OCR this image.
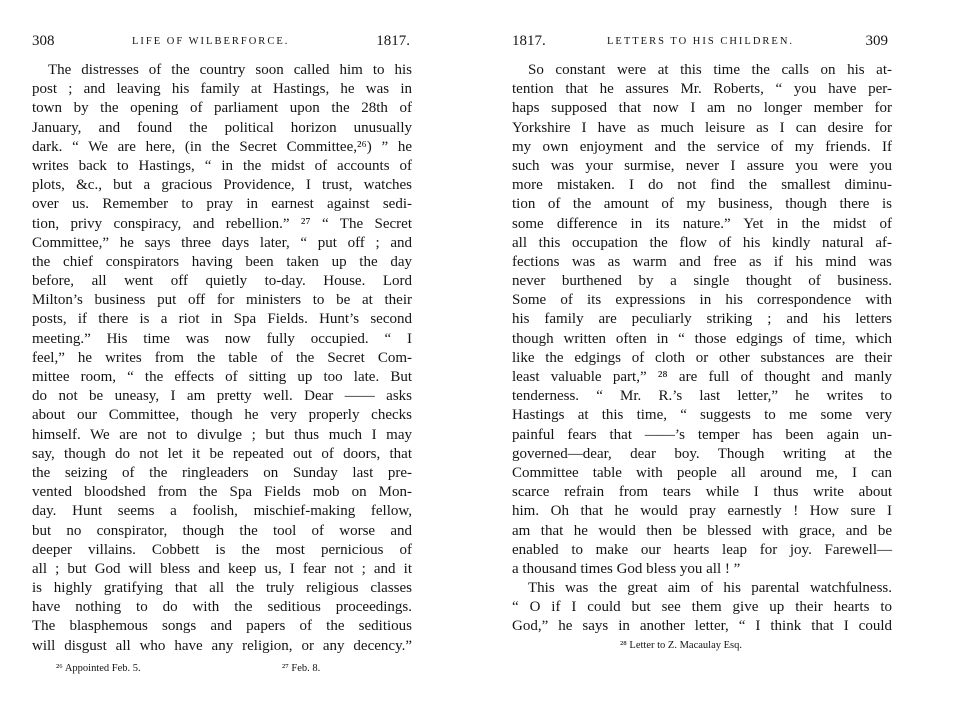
308	LIFE OF WILBERFORCE.	1817.
The distresses of the country soon called him to his
post ; and leaving his family at Hastings, he was in
town by the opening of parliament upon the 28th of
January, and found the political horizon unusually
dark. “ We are here, (in the Secret Committee,²⁶) ” he
writes back to Hastings, “ in the midst of accounts of
plots, &c., but a gracious Providence, I trust, watches
over us. Remember to pray in earnest against sedi-
tion, privy conspiracy, and rebellion.” ²⁷ “ The Secret
Committee,” he says three days later, “ put off ; and
the chief conspirators having been taken up the day
before, all went off quietly to-day. House. Lord
Milton’s business put off for ministers to be at their
posts, if there is a riot in Spa Fields. Hunt’s second
meeting.” His time was now fully occupied. “ I
feel,” he writes from the table of the Secret Com-
mittee room, “ the effects of sitting up too late. But
do not be uneasy, I am pretty well. Dear —— asks
about our Committee, though he very properly checks
himself. We are not to divulge ; but thus much I may
say, though do not let it be repeated out of doors, that
the seizing of the ringleaders on Sunday last pre-
vented bloodshed from the Spa Fields mob on Mon-
day. Hunt seems a foolish, mischief-making fellow,
but no conspirator, though the tool of worse and
deeper villains. Cobbett is the most pernicious of
all ; but God will bless and keep us, I fear not ; and it
is highly gratifying that all the truly religious classes
have nothing to do with the seditious proceedings.
The blasphemous songs and papers of the seditious
will disgust all who have any religion, or any decency.”
²⁶ Appointed Feb. 5.	²⁷ Feb. 8.
1817.	LETTERS TO HIS CHILDREN.	309
So constant were at this time the calls on his at-
tention that he assures Mr. Roberts, “ you have per-
haps supposed that now I am no longer member for
Yorkshire I have as much leisure as I can desire for
my own enjoyment and the service of my friends. If
such was your surmise, never I assure you were you
more mistaken. I do not find the smallest diminu-
tion of the amount of my business, though there is
some difference in its nature.” Yet in the midst of
all this occupation the flow of his kindly natural af-
fections was as warm and free as if his mind was
never burthened by a single thought of business.
Some of its expressions in his correspondence with
his family are peculiarly striking ; and his letters
though written often in “ those edgings of time, which
like the edgings of cloth or other substances are their
least valuable part,” ²⁸ are full of thought and manly
tenderness. “ Mr. R.’s last letter,” he writes to
Hastings at this time, “ suggests to me some very
painful fears that ——’s temper has been again un-
governed—dear, dear boy. Though writing at the
Committee table with people all around me, I can
scarce refrain from tears while I thus write about
him. Oh that he would pray earnestly ! How sure I
am that he would then be blessed with grace, and be
enabled to make our hearts leap for joy. Farewell—
a thousand times God bless you all ! ”
This was the great aim of his parental watchfulness.
“ O if I could but see them give up their hearts to
God,” he says in another letter, “ I think that I could
²⁸ Letter to Z. Macaulay Esq.
